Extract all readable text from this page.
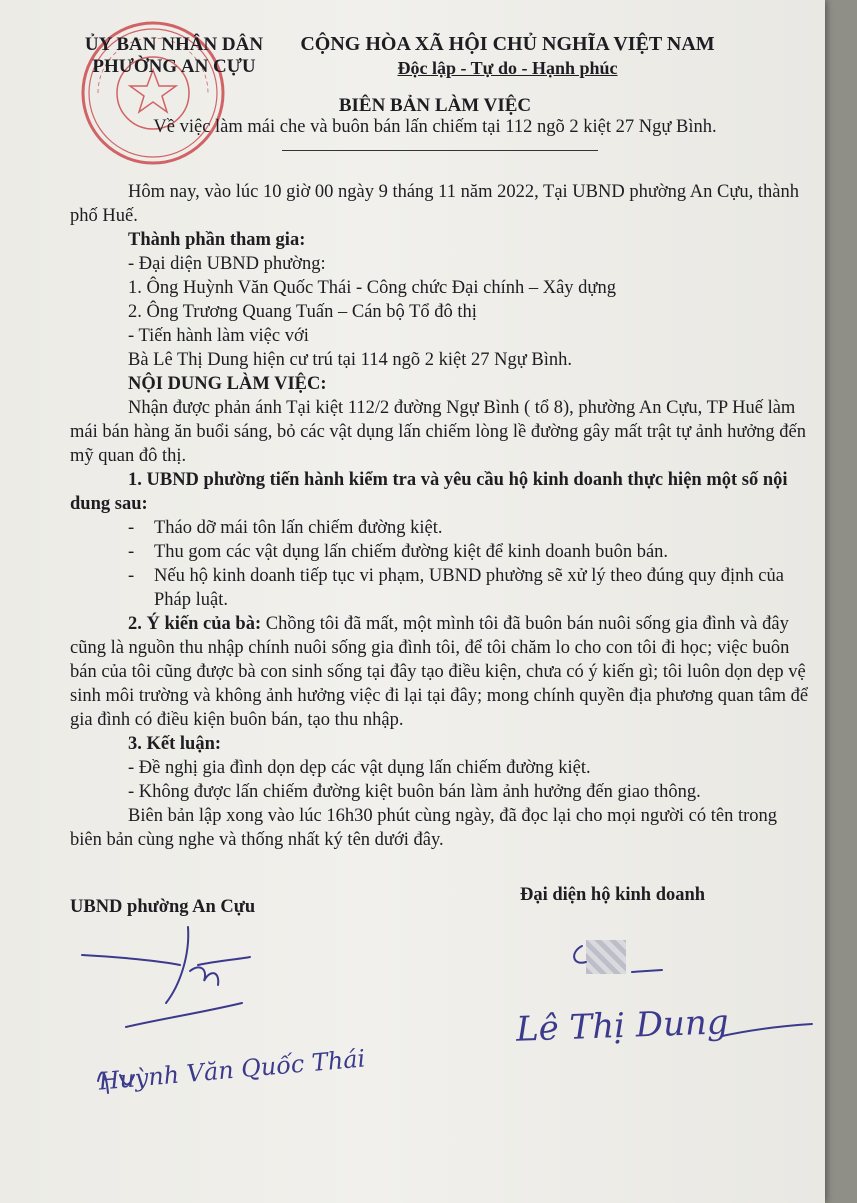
ỦY BAN NHÂN DÂN
PHƯỜNG AN CỰU
CỘNG HÒA XÃ HỘI CHỦ NGHĨA VIỆT NAM
Độc lập - Tự do - Hạnh phúc
BIÊN BẢN LÀM VIỆC
Về việc làm mái che và buôn bán lấn chiếm tại 112 ngõ 2 kiệt 27 Ngự Bình.

Hôm nay, vào lúc 10 giờ 00 ngày 9 tháng 11 năm 2022, Tại UBND phường An Cựu, thành phố Huế.

Thành phần tham gia:

- Đại diện UBND phường:

1. Ông Huỳnh Văn Quốc Thái - Công chức Đại chính – Xây dựng

2. Ông Trương Quang Tuấn – Cán bộ Tổ đô thị

- Tiến hành làm việc với

Bà Lê Thị Dung hiện cư trú tại 114 ngõ 2 kiệt 27 Ngự Bình.

NỘI DUNG LÀM VIỆC:

Nhận được phản ánh Tại kiệt 112/2 đường Ngự Bình ( tổ 8), phường An Cựu, TP Huế làm mái bán hàng ăn buổi sáng, bỏ các vật dụng lấn chiếm lòng lề đường gây mất trật tự ảnh hưởng đến mỹ quan đô thị.

1. UBND phường tiến hành kiểm tra và yêu cầu hộ kinh doanh thực hiện một số nội dung sau:

-	Tháo dỡ mái tôn lấn chiếm đường kiệt.
-	Thu gom các vật dụng lấn chiếm đường kiệt để kinh doanh buôn bán.
-	Nếu hộ kinh doanh tiếp tục vi phạm, UBND phường sẽ xử lý theo đúng quy định của Pháp luật.

2. Ý kiến của bà: Chồng tôi đã mất, một mình tôi đã buôn bán nuôi sống gia đình và đây cũng là nguồn thu nhập chính nuôi sống gia đình tôi, để tôi chăm lo cho con tôi đi học; việc buôn bán của tôi cũng được bà con sinh sống tại đây tạo điều kiện, chưa có ý kiến gì; tôi luôn dọn dẹp vệ sinh môi trường và không ảnh hưởng việc đi lại tại đây; mong chính quyền địa phương quan tâm để gia đình có điều kiện buôn bán, tạo thu nhập.

3. Kết luận:

- Đề nghị gia đình dọn dẹp các vật dụng lấn chiếm đường kiệt.

- Không được lấn chiếm đường kiệt buôn bán làm ảnh hưởng đến giao thông.

Biên bản lập xong vào lúc 16h30 phút cùng ngày, đã đọc lại cho mọi người có tên trong biên bản cùng nghe và thống nhất ký tên dưới đây.

Đại diện hộ kinh doanh
UBND phường An Cựu
Huỳnh Văn Quốc Thái
Lê Thị Dung
